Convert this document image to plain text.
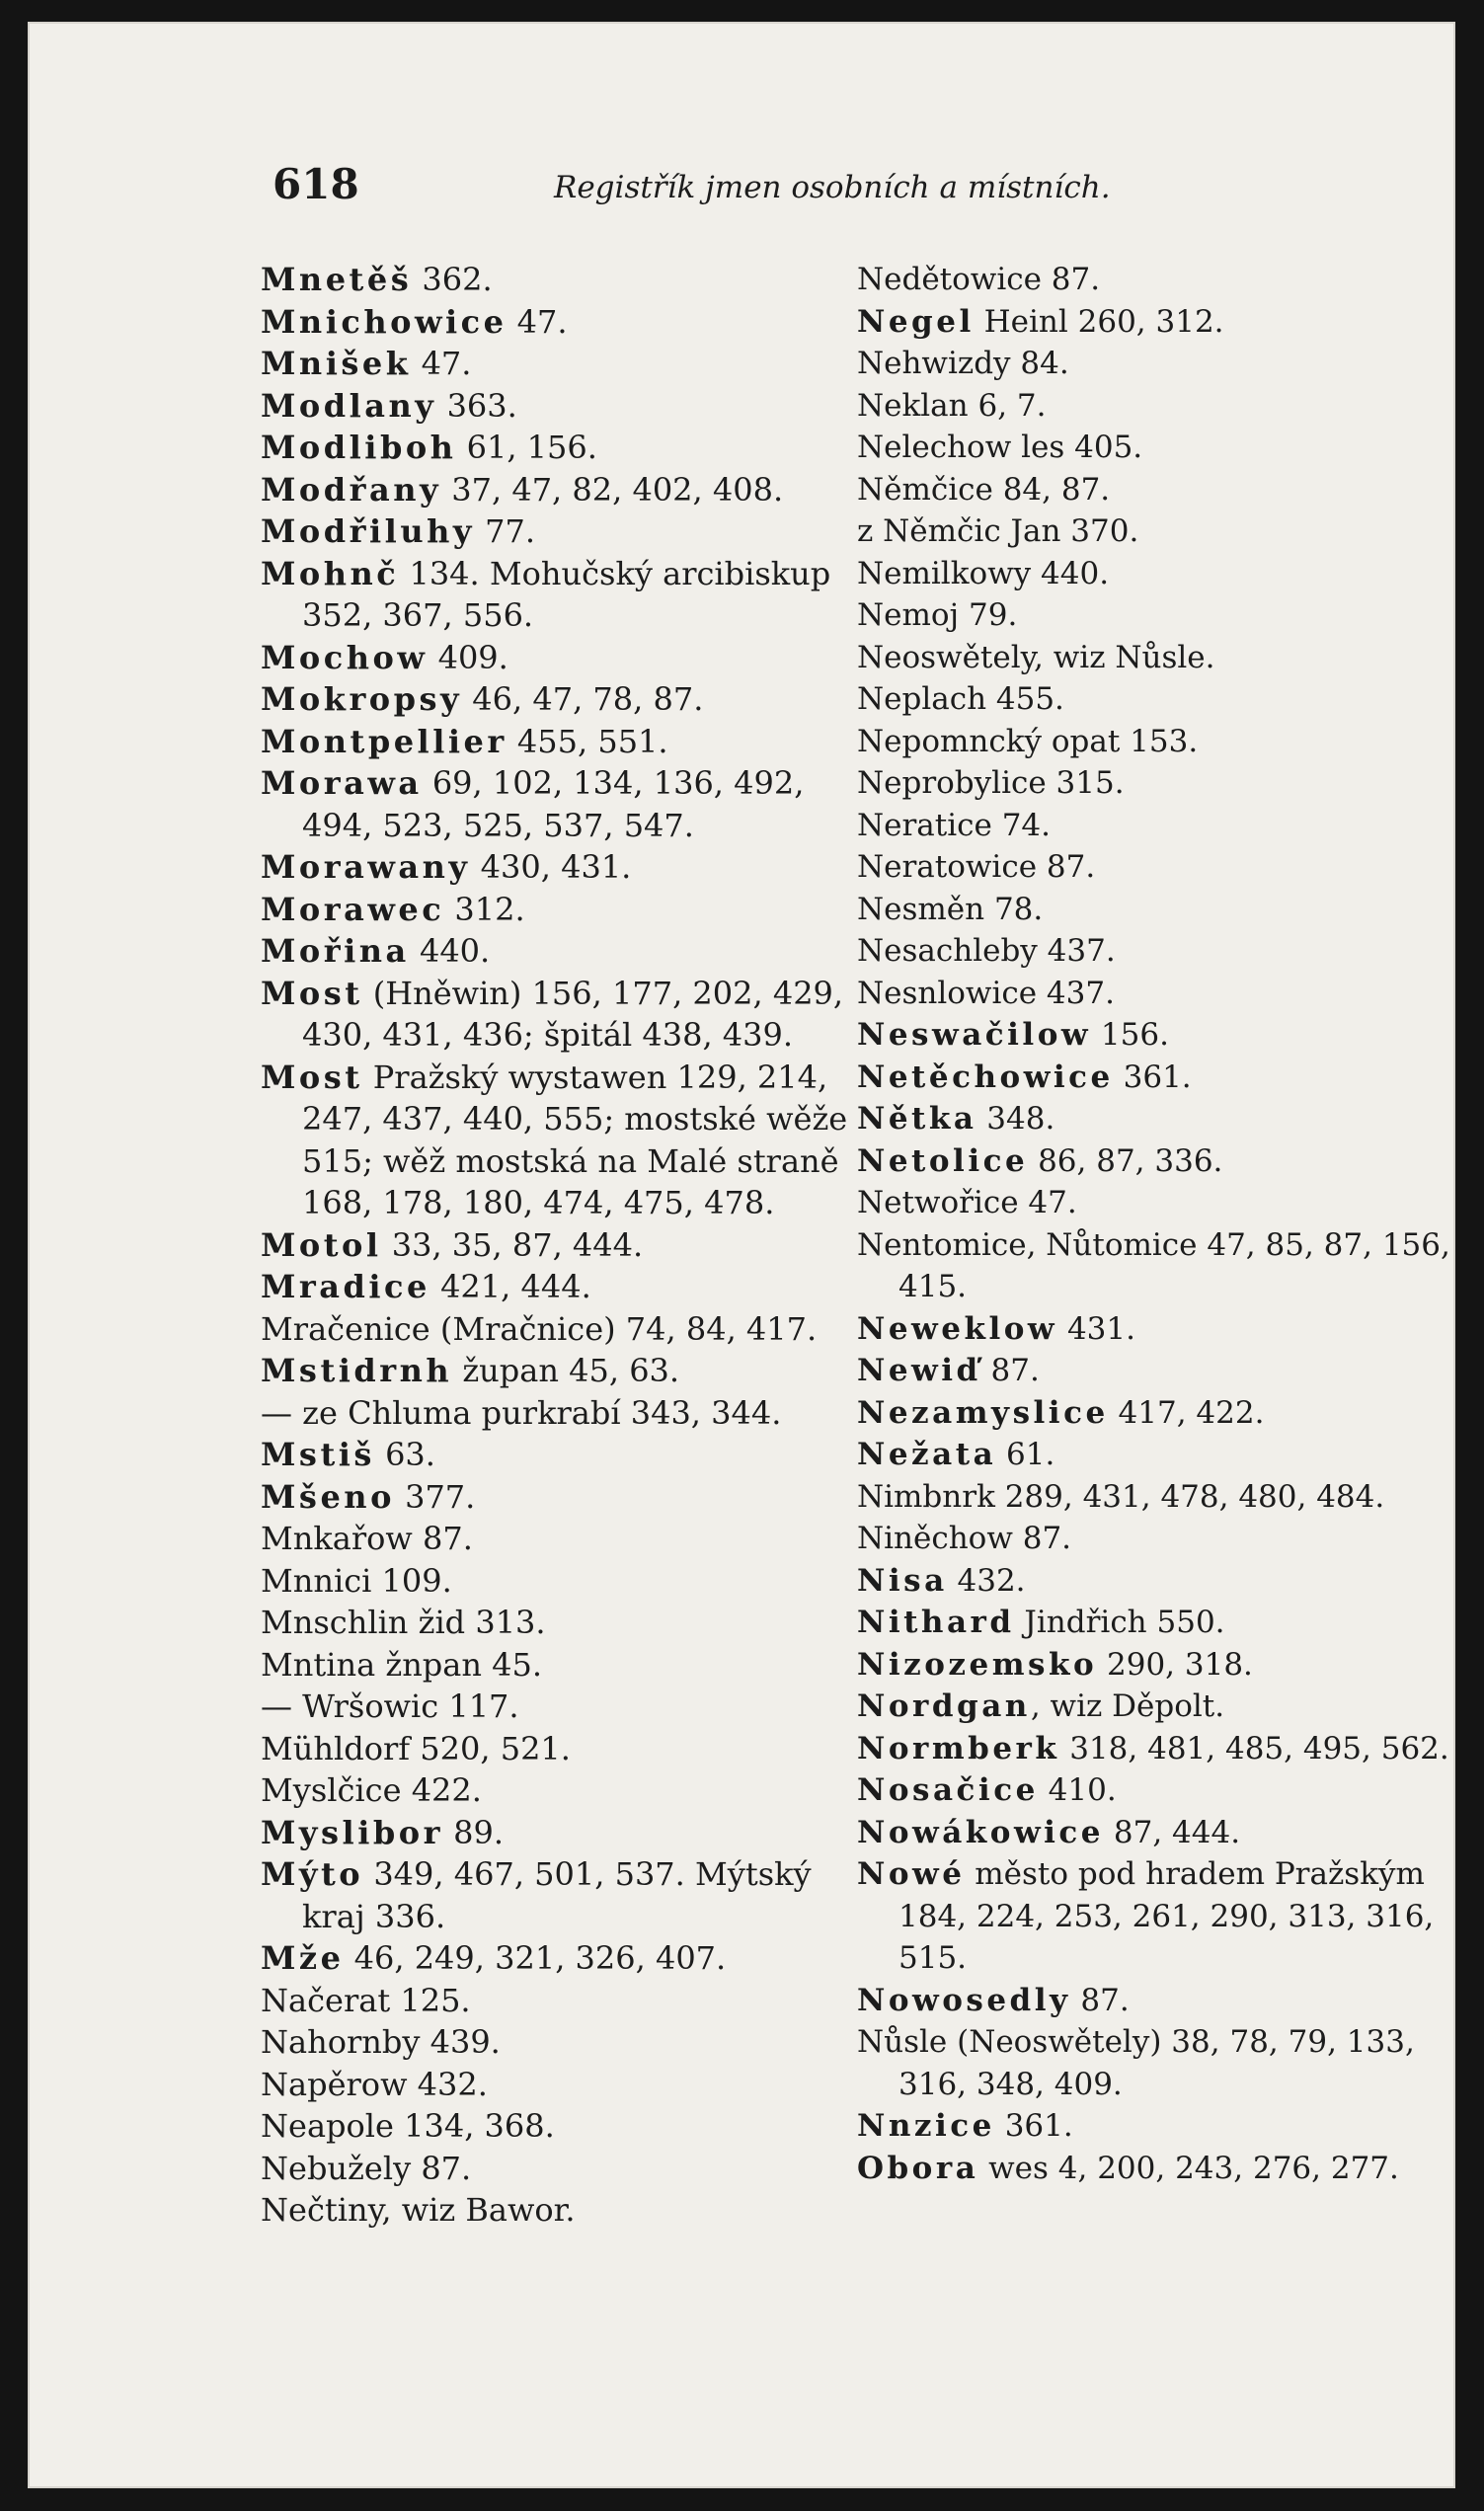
618	Registřík jmen osobních a místních.
Mnetěš 362.
Mnichowice 47.
Mnišek 47.
Modlany 363.
Modliboh 61, 156.
Modřany 37, 47, 82, 402, 408.
Modřiluhy 77.
Mohnč 134. Mohučský arcibiskup 352, 367, 556.
Mochow 409.
Mokropsy 46, 47, 78, 87.
Montpellier 455, 551.
Morawa 69, 102, 134, 136, 492, 494, 523, 525, 537, 547.
Morawany 430, 431.
Morawec 312.
Mořina 440.
Most (Hněwin) 156, 177, 202, 429, 430, 431, 436; špitál 438, 439.
Most Pražský wystawen 129, 214, 247, 437, 440, 555; mostské wěže 515; wěž mostská na Malé straně 168, 178, 180, 474, 475, 478.
Motol 33, 35, 87, 444.
Mradice 421, 444.
Mračenice (Mračnice) 74, 84, 417.
Mstidrnh župan 45, 63.
— ze Chluma purkrabí 343, 344.
Mstiš 63.
Mšeno 377.
Mnkařow 87.
Mnnici 109.
Mnschlin žid 313.
Mntina žnpan 45.
— Wršowic 117.
Mühldorf 520, 521.
Myslčice 422.
Myslibor 89.
Mýto 349, 467, 501, 537. Mýtský kraj 336.
Mže 46, 249, 321, 326, 407.
Načerat 125.
Nahornby 439.
Napěrow 432.
Neapole 134, 368.
Nebužely 87.
Nečtiny, wiz Bawor.
Nedětowice 87.
Negel Heinl 260, 312.
Nehwizdy 84.
Neklan 6, 7.
Nelechow les 405.
Němčice 84, 87.
z Němčic Jan 370.
Nemilkowy 440.
Nemoj 79.
Neoswětely, wiz Nůsle.
Neplach 455.
Nepomncký opat 153.
Neprobylice 315.
Neratice 74.
Neratowice 87.
Nesměn 78.
Nesachleby 437.
Nesnlowice 437.
Neswačilow 156.
Netěchowice 361.
Nětka 348.
Netolice 86, 87, 336.
Netwořice 47.
Nentomice, Nůtomice 47, 85, 87, 156, 415.
Neweklow 431.
Newiď 87.
Nezamyslice 417, 422.
Nežata 61.
Nimbnrk 289, 431, 478, 480, 484.
Niněchow 87.
Nisa 432.
Nithard Jindřich 550.
Nizozemsko 290, 318.
Nordgan, wiz Děpolt.
Normberk 318, 481, 485, 495, 562.
Nosačice 410.
Nowákowice 87, 444.
Nowé město pod hradem Pražským 184, 224, 253, 261, 290, 313, 316, 515.
Nowosedly 87.
Nůsle (Neoswětely) 38, 78, 79, 133, 316, 348, 409.
Nnzice 361.
Obora wes 4, 200, 243, 276, 277.
